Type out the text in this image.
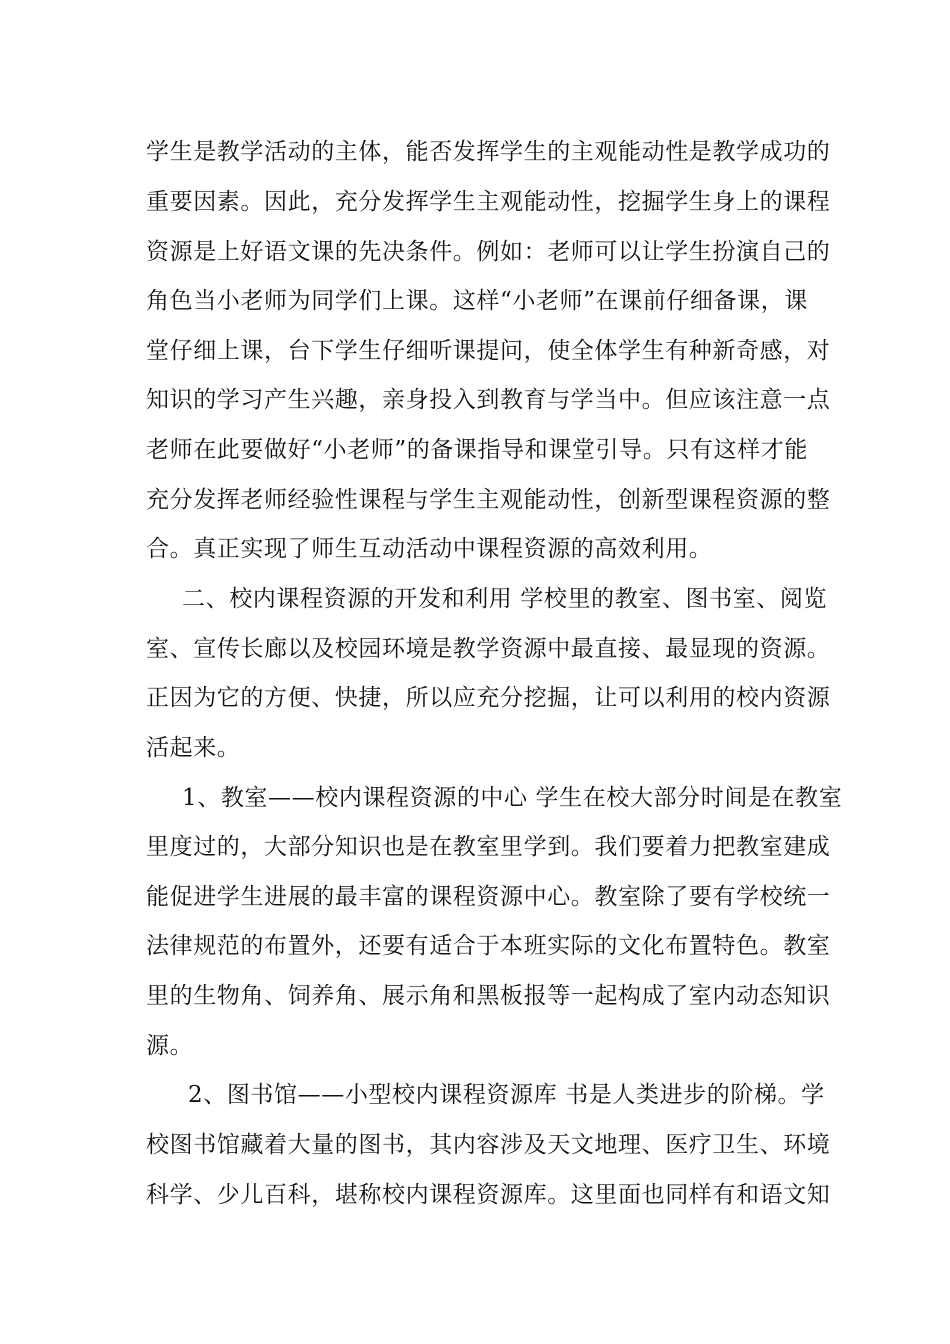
学生是教学活动的主体，能否发挥学生的主观能动性是教学成功的
重要因素。因此，充分发挥学生主观能动性，挖掘学生身上的课程
资源是上好语文课的先决条件。例如：老师可以让学生扮演自己的
角色当小老师为同学们上课。这样“小老师”在课前仔细备课，课
堂仔细上课，台下学生仔细听课提问，使全体学生有种新奇感，对
知识的学习产生兴趣，亲身投入到教育与学当中。但应该注意一点
老师在此要做好“小老师”的备课指导和课堂引导。只有这样才能
充分发挥老师经验性课程与学生主观能动性，创新型课程资源的整
合。真正实现了师生互动活动中课程资源的高效利用。
二、校内课程资源的开发和利用 学校里的教室、图书室、阅览
室、宣传长廊以及校园环境是教学资源中最直接、最显现的资源。
正因为它的方便、快捷，所以应充分挖掘，让可以利用的校内资源
活起来。
1、教室——校内课程资源的中心 学生在校大部分时间是在教室
里度过的，大部分知识也是在教室里学到。我们要着力把教室建成
能促进学生进展的最丰富的课程资源中心。教室除了要有学校统一
法律规范的布置外，还要有适合于本班实际的文化布置特色。教室
里的生物角、饲养角、展示角和黑板报等一起构成了室内动态知识
源。
2、图书馆——小型校内课程资源库 书是人类进步的阶梯。学
校图书馆藏着大量的图书，其内容涉及天文地理、医疗卫生、环境
科学、少儿百科，堪称校内课程资源库。这里面也同样有和语文知
